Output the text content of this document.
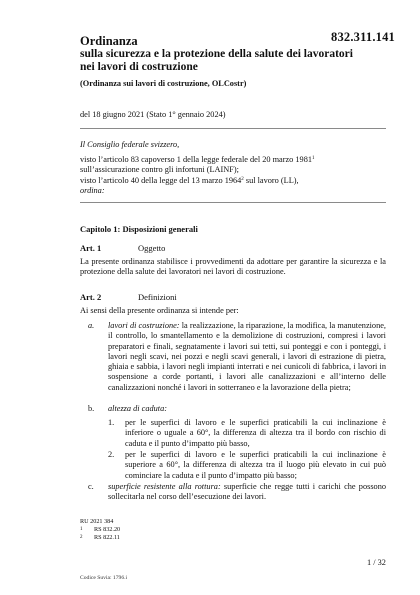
832.311.141
Ordinanza
sulla sicurezza e la protezione della salute dei lavoratori
nei lavori di costruzione
(Ordinanza sui lavori di costruzione, OLCostr)
del 18 giugno 2021 (Stato 1° gennaio 2024)
Il Consiglio federale svizzero,
visto l’articolo 83 capoverso 1 della legge federale del 20 marzo 1981$^1$
sull’assicurazione contro gli infortuni (LAINF);
visto l’articolo 40 della legge del 13 marzo 1964$^2$ sul lavoro (LL),
ordina:
Capitolo 1: Disposizioni generali
Art. 1	Oggetto
La presente ordinanza stabilisce i provvedimenti da adottare per garantire la sicurezza e la protezione della salute dei lavoratori nei lavori di costruzione.
Art. 2	Definizioni
Ai sensi della presente ordinanza si intende per:
a. lavori di costruzione: la realizzazione, la riparazione, la modifica, la manutenzione, il controllo, lo smantellamento e la demolizione di costruzioni, compresi i lavori preparatori e finali, segnatamente i lavori sui tetti, sui ponteggi e con i ponteggi, i lavori negli scavi, nei pozzi e negli scavi generali, i lavori di estrazione di pietra, ghiaia e sabbia, i lavori negli impianti interrati e nei cunicoli di fabbrica, i lavori in sospensione a corde portanti, i lavori alle canalizzazioni e all’interno delle canalizzazioni nonché i lavori in sotterraneo e la lavorazione della pietra;
b. altezza di caduta:
1. per le superfici di lavoro e le superfici praticabili la cui inclinazione è inferiore o uguale a 60°, la differenza di altezza tra il bordo con rischio di caduta e il punto d’impatto più basso,
2. per le superfici di lavoro e le superfici praticabili la cui inclinazione è superiore a 60°, la differenza di altezza tra il luogo più elevato in cui può cominciare la caduta e il punto d’impatto più basso;
c. superficie resistente alla rottura: superficie che regge tutti i carichi che possono sollecitarla nel corso dell’esecuzione dei lavori.
RU 2021 384
1 RS 832.20
2 RS 822.11
1 / 32
Codice Suvia: 1796.i
